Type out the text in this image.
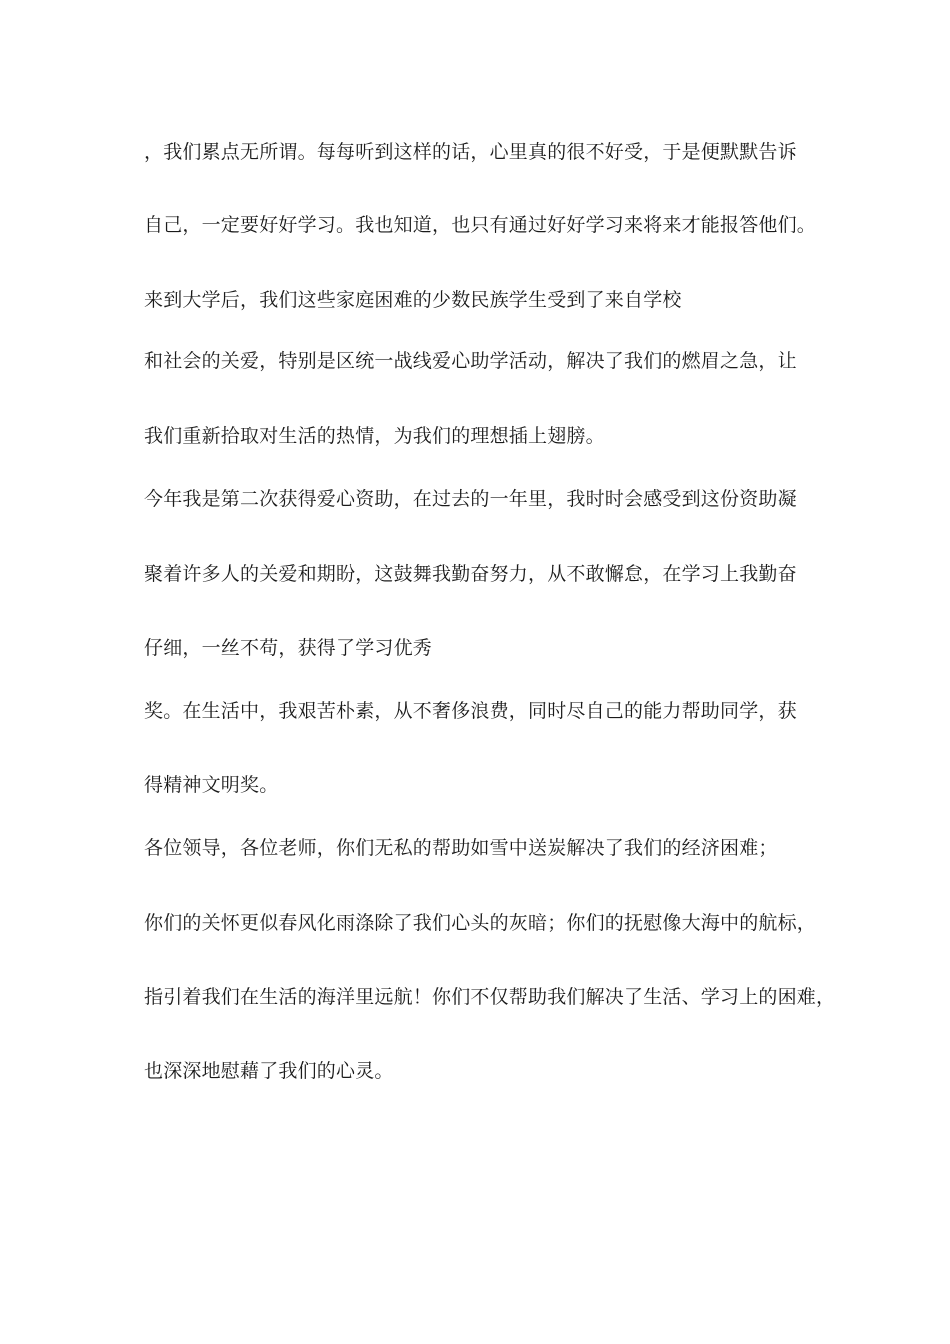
，我们累点无所谓。每每听到这样的话，心里真的很不好受，于是便默默告诉
自己，一定要好好学习。我也知道，也只有通过好好学习来将来才能报答他们。
来到大学后，我们这些家庭困难的少数民族学生受到了来自学校
和社会的关爱，特别是区统一战线爱心助学活动，解决了我们的燃眉之急，让
我们重新拾取对生活的热情，为我们的理想插上翅膀。
今年我是第二次获得爱心资助，在过去的一年里，我时时会感受到这份资助凝
聚着许多人的关爱和期盼，这鼓舞我勤奋努力，从不敢懈怠，在学习上我勤奋
仔细，一丝不苟，获得了学习优秀
奖。在生活中，我艰苦朴素，从不奢侈浪费，同时尽自己的能力帮助同学，获
得精神文明奖。
各位领导，各位老师，你们无私的帮助如雪中送炭解决了我们的经济困难；
你们的关怀更似春风化雨涤除了我们心头的灰暗；你们的抚慰像大海中的航标，
指引着我们在生活的海洋里远航！你们不仅帮助我们解决了生活、学习上的困难，
也深深地慰藉了我们的心灵。
